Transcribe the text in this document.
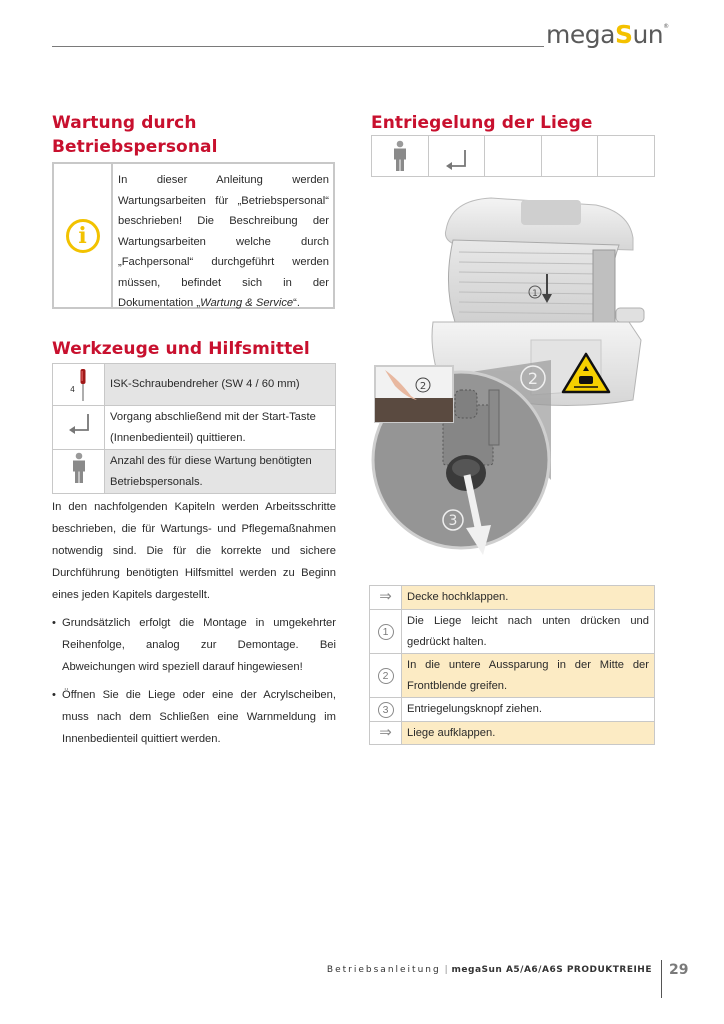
megaSun®
Wartung durch
Betriebspersonal
i
In dieser Anleitung werden Wartungsarbeiten für „Betriebspersonal“ beschrieben! Die Beschreibung der Wartungsarbeiten welche durch „Fachpersonal“ durchgeführt werden müssen, befindet sich in der Dokumentation „Wartung & Service“.
Werkzeuge und Hilfsmittel
4	ISK-Schraubendreher (SW 4 / 60 mm)
	Vorgang abschließend mit der Start-Taste (Innenbedienteil) quittieren.
	Anzahl des für diese Wartung benötigten Betriebspersonals.
In den nachfolgenden Kapiteln werden Arbeitsschritte beschrieben, die für Wartungs- und Pflegemaßnahmen notwendig sind. Die für die korrekte und sichere Durchführung benötigten Hilfsmittel werden zu Beginn eines jeden Kapitels dargestellt.
• Grundsätzlich erfolgt die Montage in umgekehrter Reihenfolge, analog zur Demontage. Bei Abweichungen wird speziell darauf hingewiesen!
• Öffnen Sie die Liege oder eine der Acrylscheiben, muss nach dem Schließen eine Warnmeldung im Innenbedienteil quittiert werden.
Entriegelung der Liege
1
3
2	2
⇒	Decke hochklappen.
1	Die Liege leicht nach unten drücken und gedrückt halten.
2	In die untere Aussparung in der Mitte der Frontblende greifen.
3	Entriegelungsknopf ziehen.
⇒	Liege aufklappen.
Betriebsanleitung | megaSun A5/A6/A6S PRODUKTREIHE 29
